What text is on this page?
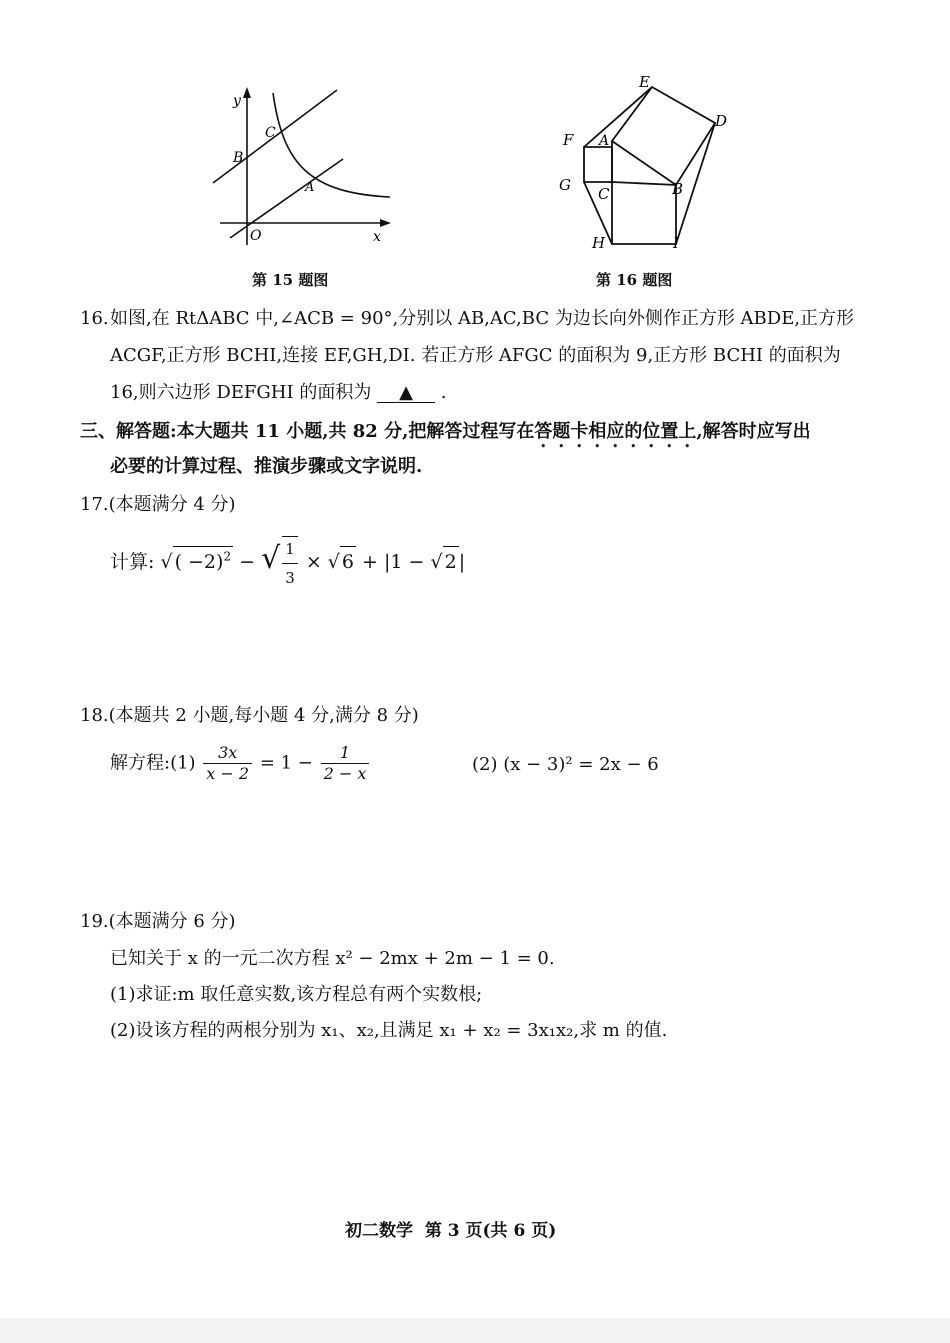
y
x
O
B
C
A
第 15 题图
E
D
F A
G C	B
H	I
第 16 题图
16. 如图,在 RtΔABC 中,∠ACB = 90°,分别以 AB,AC,BC 为边长向外侧作正方形 ABDE,正方形
ACGF,正方形 BCHI,连接 EF,GH,DI. 若正方形 AFGC 的面积为 9,正方形 BCHI 的面积为
16,则六边形 DEFGHI 的面积为 ▲ .
三、解答题:本大题共 11 小题,共 82 分,把解答过程写在答题卡相应的位置上,解答时应写出
必要的计算过程、推演步骤或文字说明.
17.(本题满分 4 分)
计算: √ ( −2)$^2$ − √ $\frac{1}{3}$ × √ 6 + |1 − √ 2 |
18.(本题共 2 小题,每小题 4 分,满分 8 分)
解方程:(1) $\frac{3x}{x - 2} = 1 - \frac{1}{2 - x}$	(2) (x − 3)² = 2x − 6
19.(本题满分 6 分)
已知关于 x 的一元二次方程 x² − 2mx + 2m − 1 = 0.
(1)求证:m 取任意实数,该方程总有两个实数根;
(2)设该方程的两根分别为 x₁、x₂,且满足 x₁ + x₂ = 3x₁x₂,求 m 的值.
初二数学  第 3 页(共 6 页)
